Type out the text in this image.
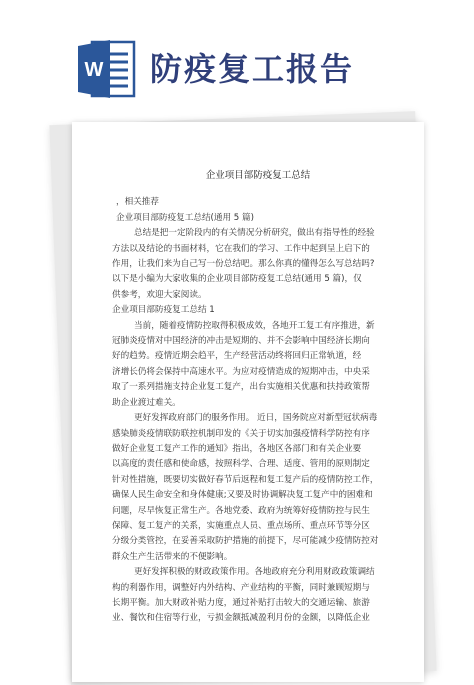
W 防疫复工报告
企业项目部防疫复工总结
，相关推荐
企业项目部防疫复工总结(通用 5 篇)
总结是把一定阶段内的有关情况分析研究，做出有指导性的经验
方法以及结论的书面材料，它在我们的学习、工作中起到呈上启下的
作用，让我们来为自己写一份总结吧。那么你真的懂得怎么写总结吗?
以下是小编为大家收集的企业项目部防疫复工总结(通用 5 篇)，仅
供参考，欢迎大家阅读。
企业项目部防疫复工总结 1
当前，随着疫情防控取得积极成效，各地开工复工有序推进，新
冠肺炎疫情对中国经济的冲击是短期的、并不会影响中国经济长期向
好的趋势。疫情近期会趋平，生产经营活动终将回归正常轨道，经
济增长仍将会保持中高速水平。为应对疫情造成的短期冲击，中央采
取了一系列措施支持企业复工复产，出台实施相关优惠和扶持政策帮
助企业渡过难关。
更好发挥政府部门的服务作用。 近日，国务院应对新型冠状病毒
感染肺炎疫情联防联控机制印发的《关于切实加强疫情科学防控有序
做好企业复工复产工作的通知》指出，各地区各部门和有关企业要
以高度的责任感和使命感，按照科学、合理、适度、管用的原则制定
针对性措施，既要切实做好春节后返程和复工复产后的疫情防控工作，
确保人民生命安全和身体健康;又要及时协调解决复工复产中的困难和
问题，尽早恢复正常生产。各地党委、政府为统筹好疫情防控与民生
保障、复工复产的关系，实施重点人员、重点场所、重点环节等分区
分级分类管控，在妥善采取防护措施的前提下，尽可能减少疫情防控对
群众生产生活带来的不便影响。
更好发挥积极的财政政策作用。各地政府充分利用财政政策调结
构的利器作用，调整好内外结构、产业结构的平衡，同时兼顾短期与
长期平衡。加大财政补贴力度，通过补贴打击较大的交通运输、旅游
业、餐饮和住宿等行业，亏损金额抵减盈利月份的金额，以降低企业
